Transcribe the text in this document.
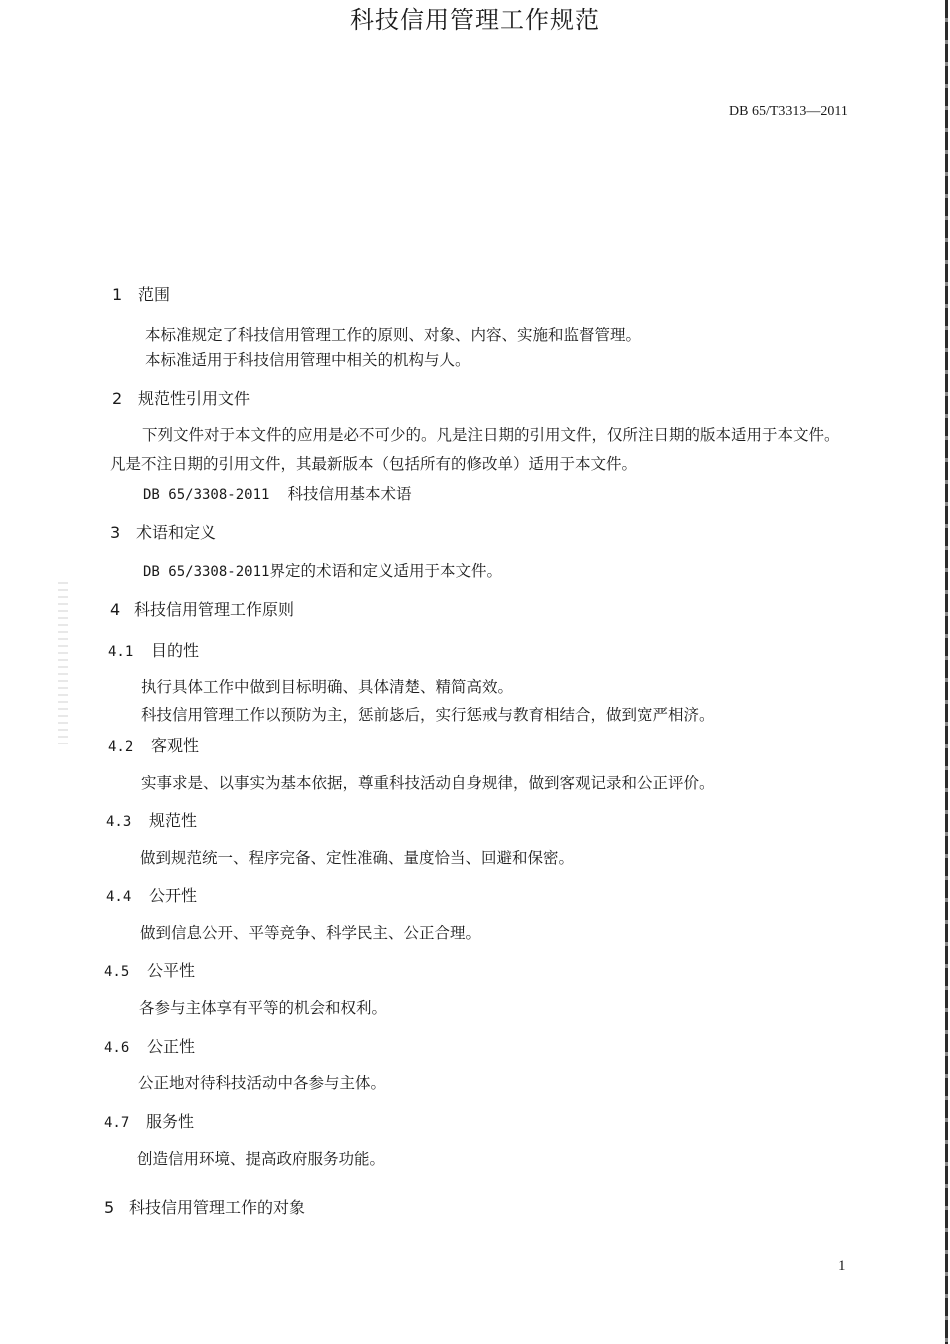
DB 65/T3313—2011
科技信用管理工作规范
1 范围
本标准规定了科技信用管理工作的原则、对象、内容、实施和监督管理。
本标准适用于科技信用管理中相关的机构与人。
2 规范性引用文件
下列文件对于本文件的应用是必不可少的。凡是注日期的引用文件，仅所注日期的版本适用于本文件。凡是不注日期的引用文件，其最新版本（包括所有的修改单）适用于本文件。
DB 65/3308-2011 科技信用基本术语
3 术语和定义
DB 65/3308-2011界定的术语和定义适用于本文件。
4 科技信用管理工作原则
4.1 目的性
执行具体工作中做到目标明确、具体清楚、精简高效。
科技信用管理工作以预防为主，惩前毖后，实行惩戒与教育相结合，做到宽严相济。
4.2 客观性
实事求是、以事实为基本依据，尊重科技活动自身规律，做到客观记录和公正评价。
4.3 规范性
做到规范统一、程序完备、定性准确、量度恰当、回避和保密。
4.4 公开性
做到信息公开、平等竞争、科学民主、公正合理。
4.5 公平性
各参与主体享有平等的机会和权利。
4.6 公正性
公正地对待科技活动中各参与主体。
4.7 服务性
创造信用环境、提高政府服务功能。
5 科技信用管理工作的对象
1
